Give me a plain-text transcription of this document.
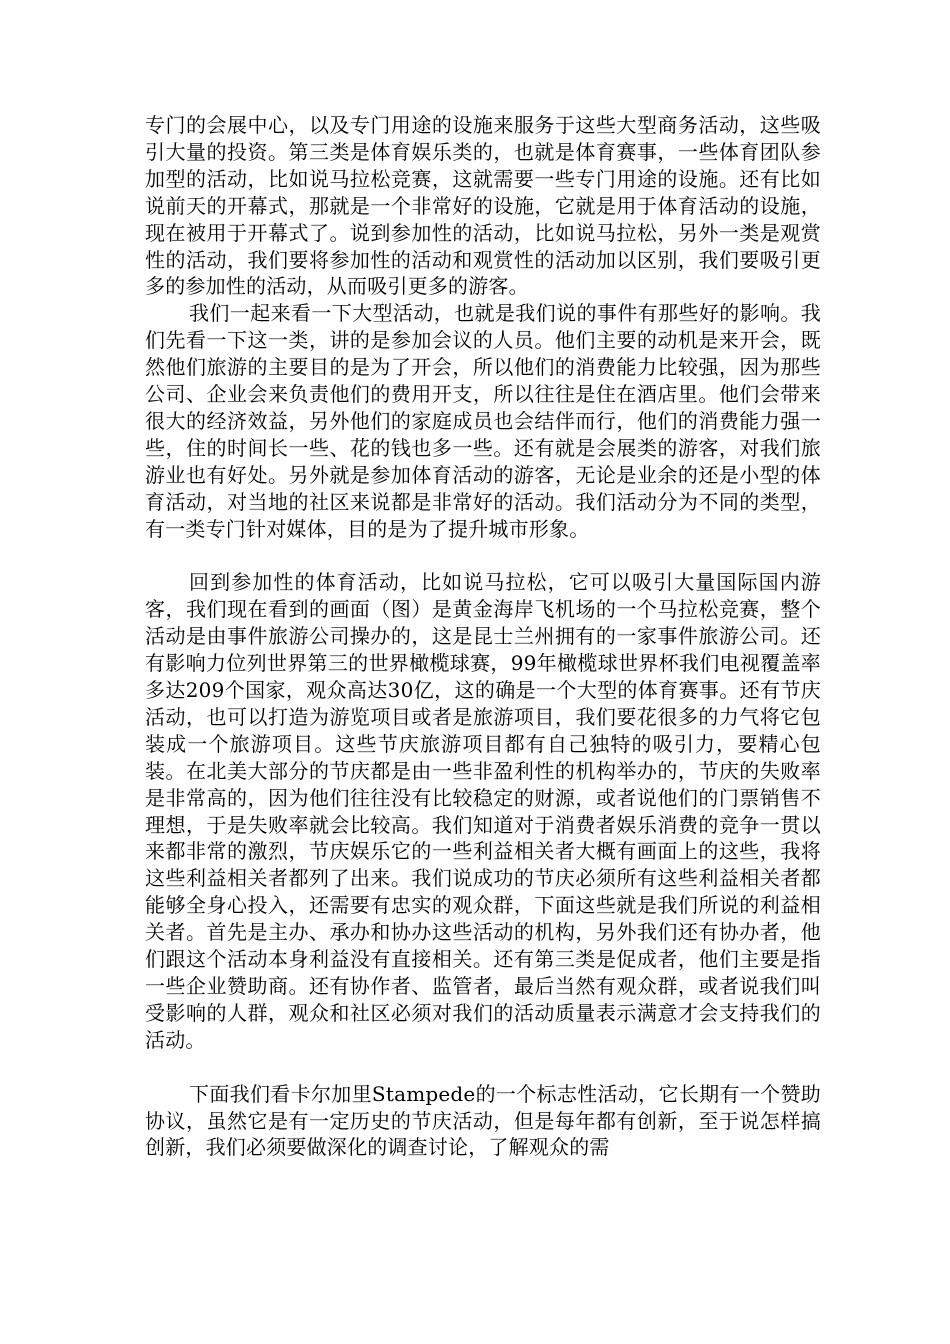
专门的会展中心，以及专门用途的设施来服务于这些大型商务活动，这些吸引大量的投资。第三类是体育娱乐类的，也就是体育赛事，一些体育团队参加型的活动，比如说马拉松竞赛，这就需要一些专门用途的设施。还有比如说前天的开幕式，那就是一个非常好的设施，它就是用于体育活动的设施，现在被用于开幕式了。说到参加性的活动，比如说马拉松，另外一类是观赏性的活动，我们要将参加性的活动和观赏性的活动加以区别，我们要吸引更多的参加性的活动，从而吸引更多的游客。

我们一起来看一下大型活动，也就是我们说的事件有那些好的影响。我们先看一下这一类，讲的是参加会议的人员。他们主要的动机是来开会，既然他们旅游的主要目的是为了开会，所以他们的消费能力比较强，因为那些公司、企业会来负责他们的费用开支，所以往往是住在酒店里。他们会带来很大的经济效益，另外他们的家庭成员也会结伴而行，他们的消费能力强一些，住的时间长一些、花的钱也多一些。还有就是会展类的游客，对我们旅游业也有好处。另外就是参加体育活动的游客，无论是业余的还是小型的体育活动，对当地的社区来说都是非常好的活动。我们活动分为不同的类型，有一类专门针对媒体，目的是为了提升城市形象。

回到参加性的体育活动，比如说马拉松，它可以吸引大量国际国内游客，我们现在看到的画面（图）是黄金海岸飞机场的一个马拉松竞赛，整个活动是由事件旅游公司操办的，这是昆士兰州拥有的一家事件旅游公司。还有影响力位列世界第三的世界橄榄球赛，99年橄榄球世界杯我们电视覆盖率多达209个国家，观众高达30亿，这的确是一个大型的体育赛事。还有节庆活动，也可以打造为游览项目或者是旅游项目，我们要花很多的力气将它包装成一个旅游项目。这些节庆旅游项目都有自己独特的吸引力，要精心包装。在北美大部分的节庆都是由一些非盈利性的机构举办的，节庆的失败率是非常高的，因为他们往往没有比较稳定的财源，或者说他们的门票销售不理想，于是失败率就会比较高。我们知道对于消费者娱乐消费的竞争一贯以来都非常的激烈，节庆娱乐它的一些利益相关者大概有画面上的这些，我将这些利益相关者都列了出来。我们说成功的节庆必须所有这些利益相关者都能够全身心投入，还需要有忠实的观众群，下面这些就是我们所说的利益相关者。首先是主办、承办和协办这些活动的机构，另外我们还有协办者，他们跟这个活动本身利益没有直接相关。还有第三类是促成者，他们主要是指一些企业赞助商。还有协作者、监管者，最后当然有观众群，或者说我们叫受影响的人群，观众和社区必须对我们的活动质量表示满意才会支持我们的活动。

下面我们看卡尔加里Stampede的一个标志性活动，它长期有一个赞助协议，虽然它是有一定历史的节庆活动，但是每年都有创新，至于说怎样搞创新，我们必须要做深化的调查讨论，了解观众的需
